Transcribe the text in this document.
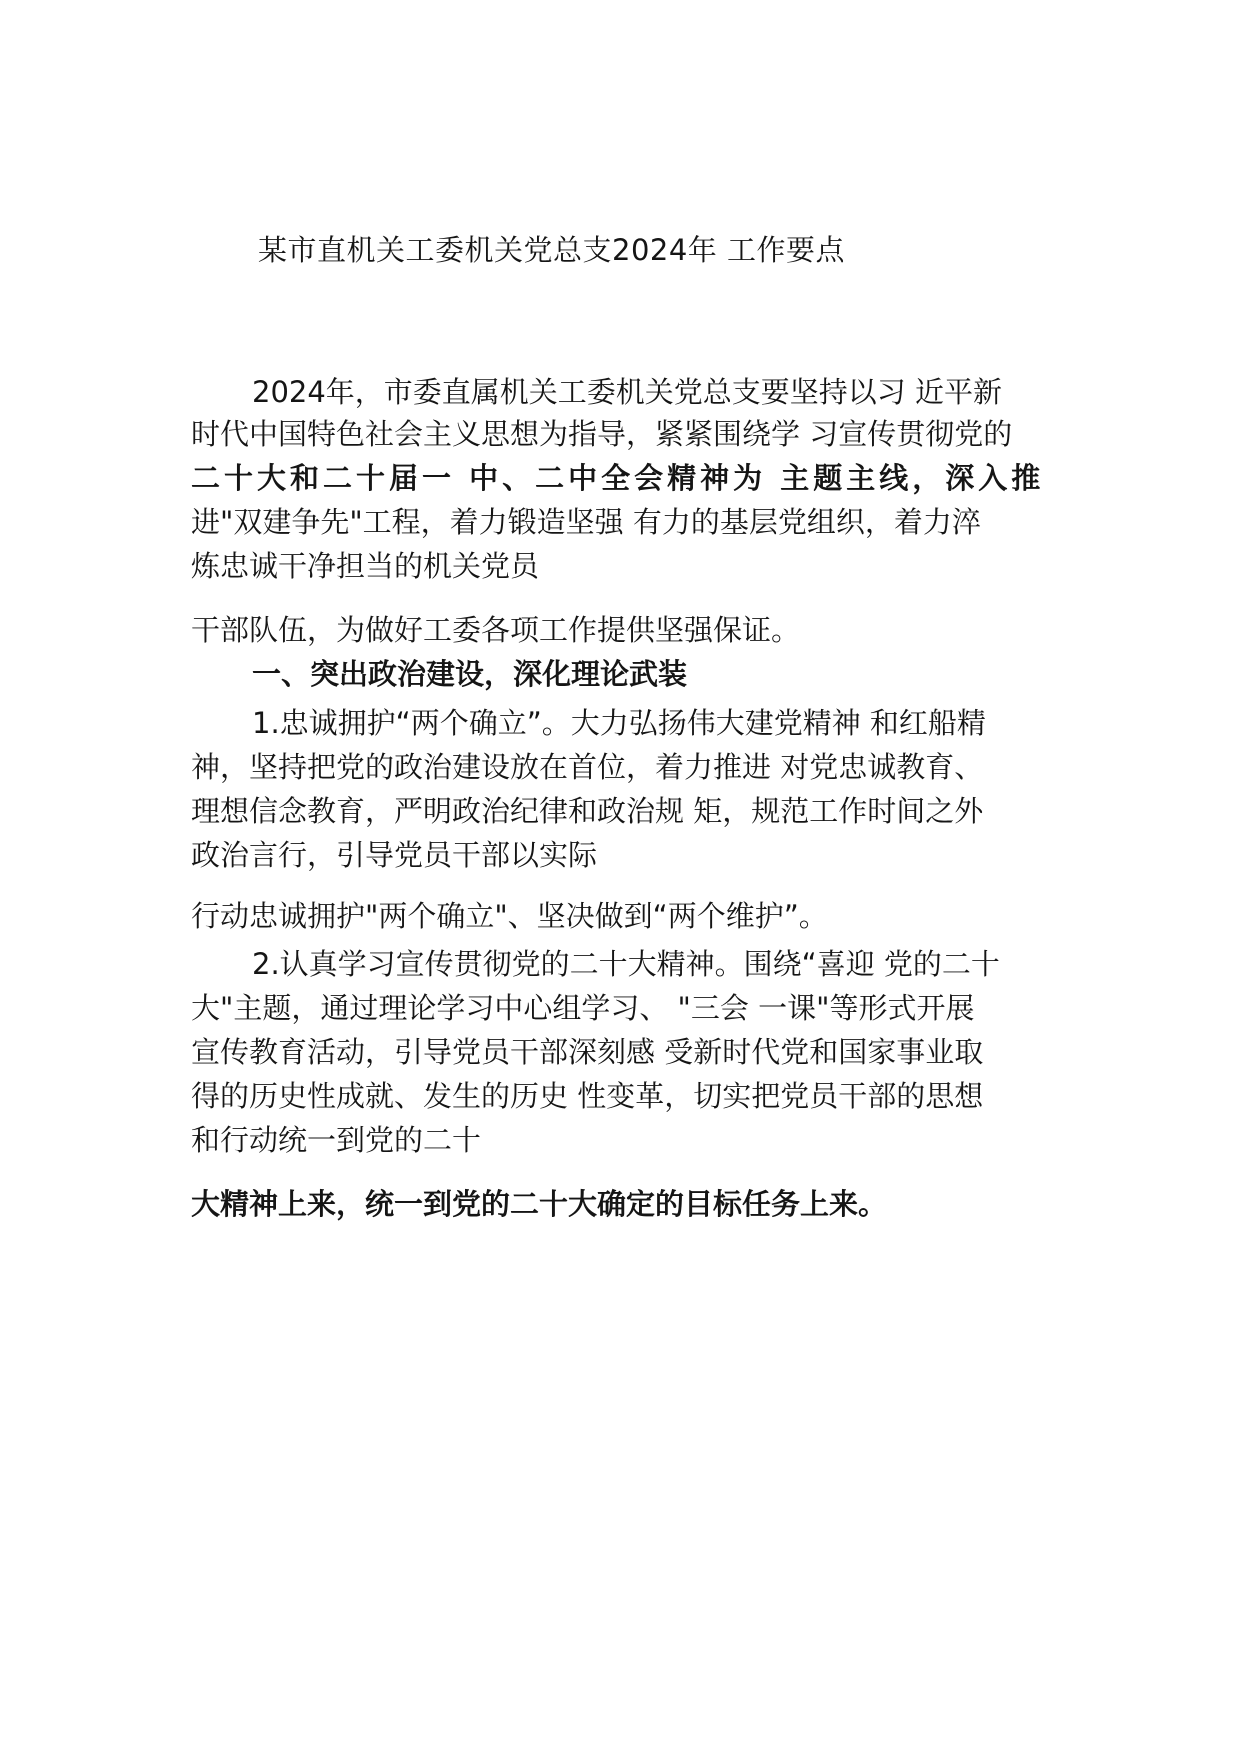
某市直机关工委机关党总支2024年 工作要点
2024年，市委直属机关工委机关党总支要坚持以习 近平新
时代中国特色社会主义思想为指导，紧紧围绕学 习宣传贯彻党的
二十大和二十届一 中、二中全会精神为 主题主线，深入推
进"双建争先"工程，着力锻造坚强 有力的基层党组织，着力淬
炼忠诚干净担当的机关党员
干部队伍，为做好工委各项工作提供坚强保证。
一、突出政治建设，深化理论武装
1.忠诚拥护“两个确立”。大力弘扬伟大建党精神 和红船精
神，坚持把党的政治建设放在首位，着力推进 对党忠诚教育、
理想信念教育，严明政治纪律和政治规 矩，规范工作时间之外
政治言行，引导党员干部以实际
行动忠诚拥护"两个确立"、坚决做到“两个维护”。
2.认真学习宣传贯彻党的二十大精神。围绕“喜迎 党的二十
大"主题，通过理论学习中心组学习、 "三会 一课"等形式开展
宣传教育活动，引导党员干部深刻感 受新时代党和国家事业取
得的历史性成就、发生的历史 性变革，切实把党员干部的思想
和行动统一到党的二十
大精神上来，统一到党的二十大确定的目标任务上来。
